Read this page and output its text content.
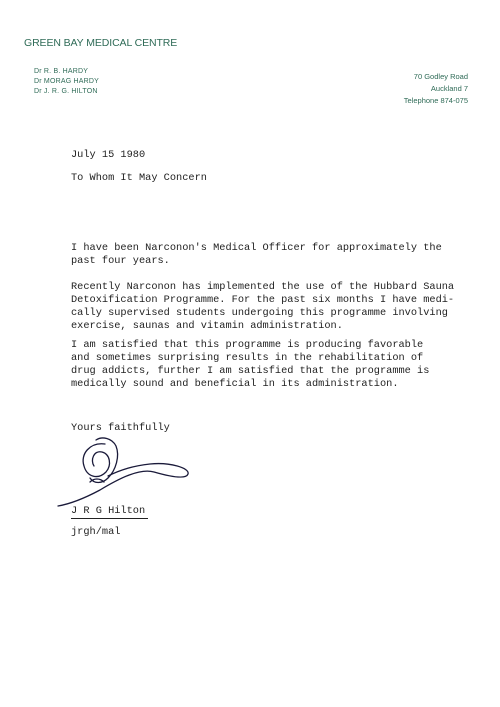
GREEN BAY MEDICAL CENTRE
Dr R. B. HARDY
Dr MORAG HARDY
Dr J. R. G. HILTON
70 Godley Road
Auckland 7
Telephone 874-075
July 15 1980
To Whom It May Concern
I have been Narconon's Medical Officer for approximately the
past four years.
Recently Narconon has implemented the use of the Hubbard Sauna
Detoxification Programme. For the past six months I have medi-
cally supervised students undergoing this programme involving
exercise, saunas and vitamin administration.
I am satisfied that this programme is producing favorable
and sometimes surprising results in the rehabilitation of
drug addicts, further I am satisfied that the programme is
medically sound and beneficial in its administration.
Yours faithfully
J R G Hilton
jrgh/mal
